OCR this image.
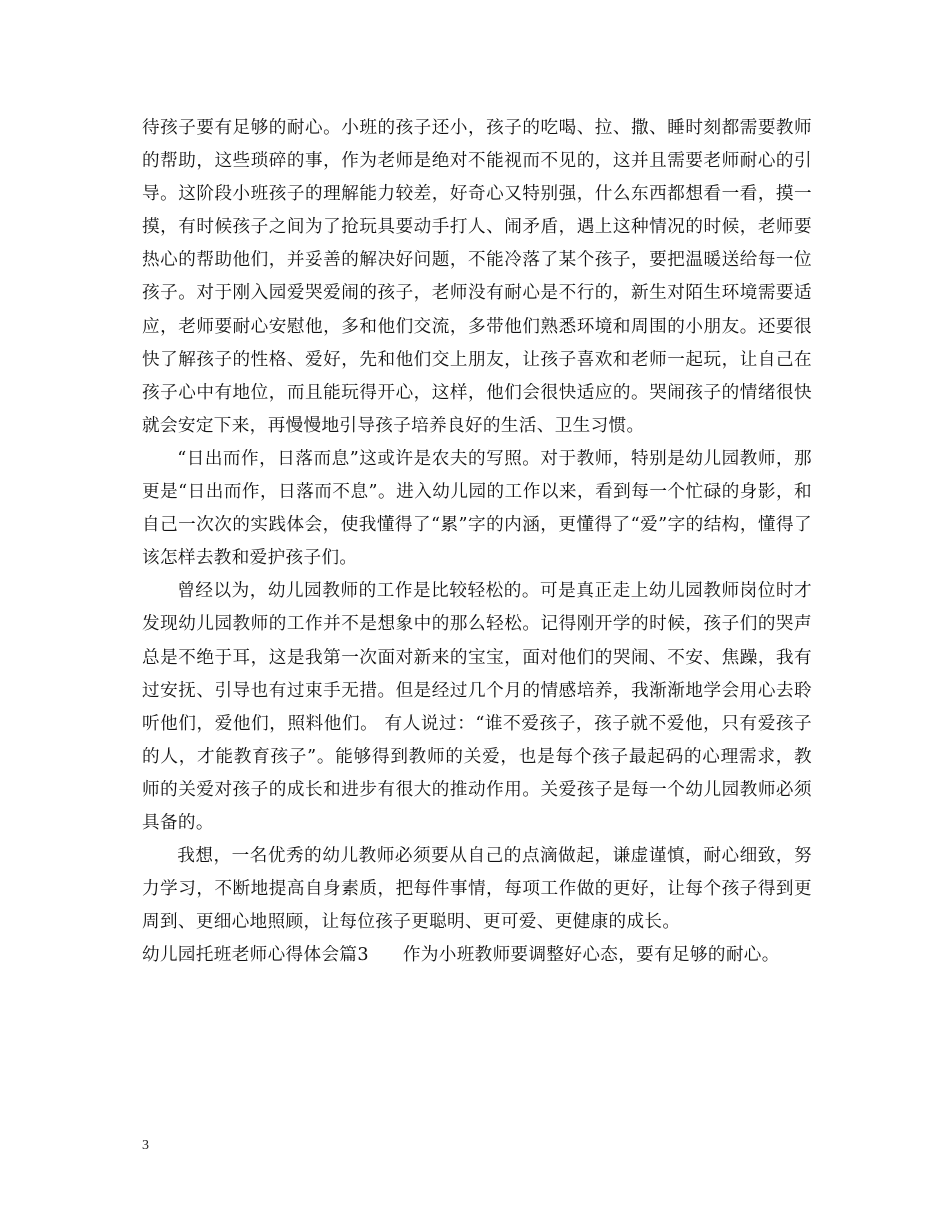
待孩子要有足够的耐心。小班的孩子还小，孩子的吃喝、拉、撒、睡时刻都需要教师的帮助，这些琐碎的事，作为老师是绝对不能视而不见的，这并且需要老师耐心的引导。这阶段小班孩子的理解能力较差，好奇心又特别强，什么东西都想看一看，摸一摸，有时候孩子之间为了抢玩具要动手打人、闹矛盾，遇上这种情况的时候，老师要热心的帮助他们，并妥善的解决好问题，不能冷落了某个孩子，要把温暖送给每一位孩子。对于刚入园爱哭爱闹的孩子，老师没有耐心是不行的，新生对陌生环境需要适应，老师要耐心安慰他，多和他们交流，多带他们熟悉环境和周围的小朋友。还要很快了解孩子的性格、爱好，先和他们交上朋友，让孩子喜欢和老师一起玩，让自己在孩子心中有地位，而且能玩得开心，这样，他们会很快适应的。哭闹孩子的情绪很快就会安定下来，再慢慢地引导孩子培养良好的生活、卫生习惯。

“日出而作，日落而息”这或许是农夫的写照。对于教师，特别是幼儿园教师，那更是“日出而作，日落而不息”。进入幼儿园的工作以来，看到每一个忙碌的身影，和自己一次次的实践体会，使我懂得了“累”字的内涵，更懂得了“爱”字的结构，懂得了该怎样去教和爱护孩子们。

曾经以为，幼儿园教师的工作是比较轻松的。可是真正走上幼儿园教师岗位时才发现幼儿园教师的工作并不是想象中的那么轻松。记得刚开学的时候，孩子们的哭声总是不绝于耳，这是我第一次面对新来的宝宝，面对他们的哭闹、不安、焦躁，我有过安抚、引导也有过束手无措。但是经过几个月的情感培养，我渐渐地学会用心去聆听他们，爱他们，照料他们。 有人说过：“谁不爱孩子，孩子就不爱他，只有爱孩子的人，才能教育孩子”。能够得到教师的关爱，也是每个孩子最起码的心理需求，教师的关爱对孩子的成长和进步有很大的推动作用。关爱孩子是每一个幼儿园教师必须具备的。

我想，一名优秀的幼儿教师必须要从自己的点滴做起，谦虚谨慎，耐心细致，努力学习，不断地提高自身素质，把每件事情，每项工作做的更好，让每个孩子得到更周到、更细心地照顾，让每位孩子更聪明、更可爱、更健康的成长。

幼儿园托班老师心得体会篇3 作为小班教师要调整好心态，要有足够的耐心。

3
